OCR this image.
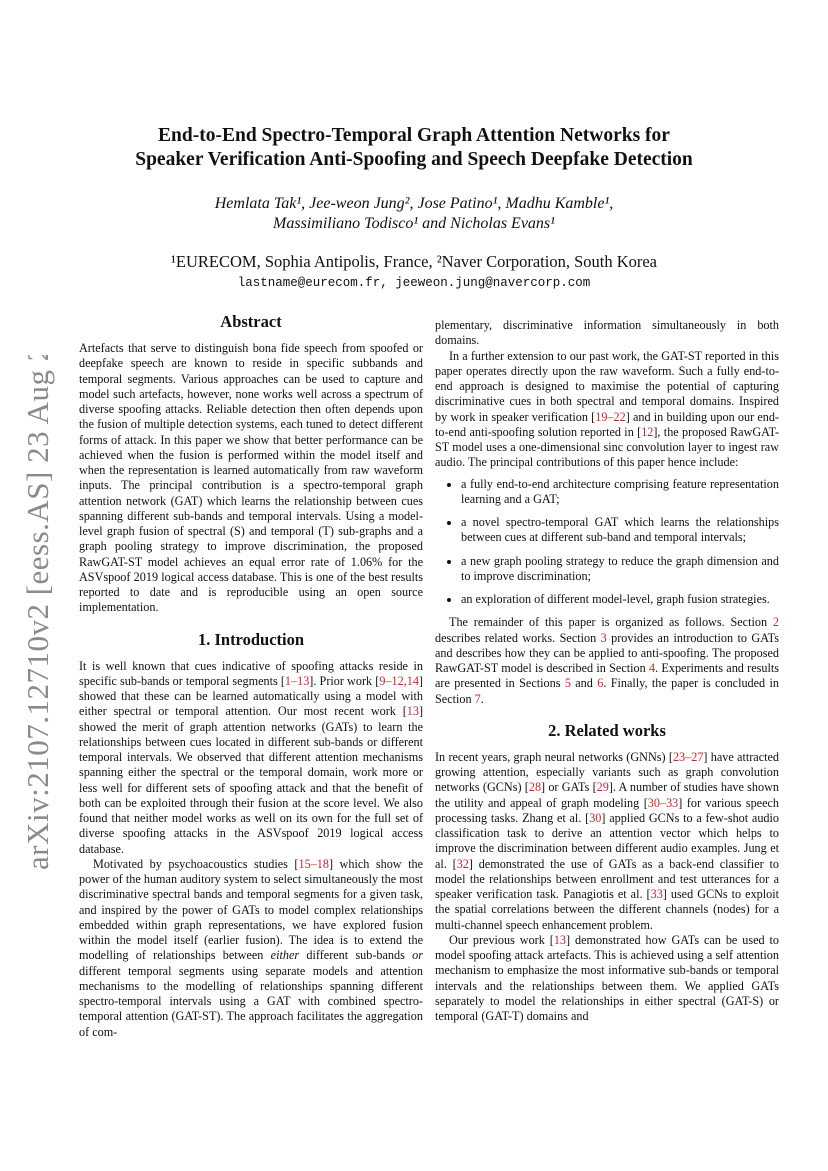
arXiv:2107.12710v2 [eess.AS] 23 Aug 2021

End-to-End Spectro-Temporal Graph Attention Networks for
Speaker Verification Anti-Spoofing and Speech Deepfake Detection

Hemlata Tak¹, Jee-weon Jung², Jose Patino¹, Madhu Kamble¹,
Massimiliano Todisco¹ and Nicholas Evans¹
¹EURECOM, Sophia Antipolis, France, ²Naver Corporation, South Korea
lastname@eurecom.fr, jeeweon.jung@navercorp.com
Abstract

Artefacts that serve to distinguish bona fide speech from spoofed or deepfake speech are known to reside in specific subbands and temporal segments. Various approaches can be used to capture and model such artefacts, however, none works well across a spectrum of diverse spoofing attacks. Reliable detection then often depends upon the fusion of multiple detection systems, each tuned to detect different forms of attack. In this paper we show that better performance can be achieved when the fusion is performed within the model itself and when the representation is learned automatically from raw waveform inputs. The principal contribution is a spectro-temporal graph attention network (GAT) which learns the relationship between cues spanning different sub-bands and temporal intervals. Using a model-level graph fusion of spectral (S) and temporal (T) sub-graphs and a graph pooling strategy to improve discrimination, the proposed RawGAT-ST model achieves an equal error rate of 1.06% for the ASVspoof 2019 logical access database. This is one of the best results reported to date and is reproducible using an open source implementation.

1. Introduction

It is well known that cues indicative of spoofing attacks reside in specific sub-bands or temporal segments [1–13]. Prior work [9–12,14] showed that these can be learned automatically using a model with either spectral or temporal attention. Our most recent work [13] showed the merit of graph attention networks (GATs) to learn the relationships between cues located in different sub-bands or different temporal intervals. We observed that different attention mechanisms spanning either the spectral or the temporal domain, work more or less well for different sets of spoofing attack and that the benefit of both can be exploited through their fusion at the score level. We also found that neither model works as well on its own for the full set of diverse spoofing attacks in the ASVspoof 2019 logical access database.

Motivated by psychoacoustics studies [15–18] which show the power of the human auditory system to select simultaneously the most discriminative spectral bands and temporal segments for a given task, and inspired by the power of GATs to model complex relationships embedded within graph representations, we have explored fusion within the model itself (earlier fusion). The idea is to extend the modelling of relationships between either different sub-bands or different temporal segments using separate models and attention mechanisms to the modelling of relationships spanning different spectro-temporal intervals using a GAT with combined spectro-temporal attention (GAT-ST). The approach facilitates the aggregation of com-

plementary, discriminative information simultaneously in both domains.

In a further extension to our past work, the GAT-ST reported in this paper operates directly upon the raw waveform. Such a fully end-to-end approach is designed to maximise the potential of capturing discriminative cues in both spectral and temporal domains. Inspired by work in speaker verification [19–22] and in building upon our end-to-end anti-spoofing solution reported in [12], the proposed RawGAT-ST model uses a one-dimensional sinc convolution layer to ingest raw audio. The principal contributions of this paper hence include:

• a fully end-to-end architecture comprising feature representation learning and a GAT;
• a novel spectro-temporal GAT which learns the relationships between cues at different sub-band and temporal intervals;
• a new graph pooling strategy to reduce the graph dimension and to improve discrimination;
• an exploration of different model-level, graph fusion strategies.

The remainder of this paper is organized as follows. Section 2 describes related works. Section 3 provides an introduction to GATs and describes how they can be applied to anti-spoofing. The proposed RawGAT-ST model is described in Section 4. Experiments and results are presented in Sections 5 and 6. Finally, the paper is concluded in Section 7.

2. Related works

In recent years, graph neural networks (GNNs) [23–27] have attracted growing attention, especially variants such as graph convolution networks (GCNs) [28] or GATs [29]. A number of studies have shown the utility and appeal of graph modeling [30–33] for various speech processing tasks. Zhang et al. [30] applied GCNs to a few-shot audio classification task to derive an attention vector which helps to improve the discrimination between different audio examples. Jung et al. [32] demonstrated the use of GATs as a back-end classifier to model the relationships between enrollment and test utterances for a speaker verification task. Panagiotis et al. [33] used GCNs to exploit the spatial correlations between the different channels (nodes) for a multi-channel speech enhancement problem.

Our previous work [13] demonstrated how GATs can be used to model spoofing attack artefacts. This is achieved using a self attention mechanism to emphasize the most informative sub-bands or temporal intervals and the relationships between them. We applied GATs separately to model the relationships in either spectral (GAT-S) or temporal (GAT-T) domains and
